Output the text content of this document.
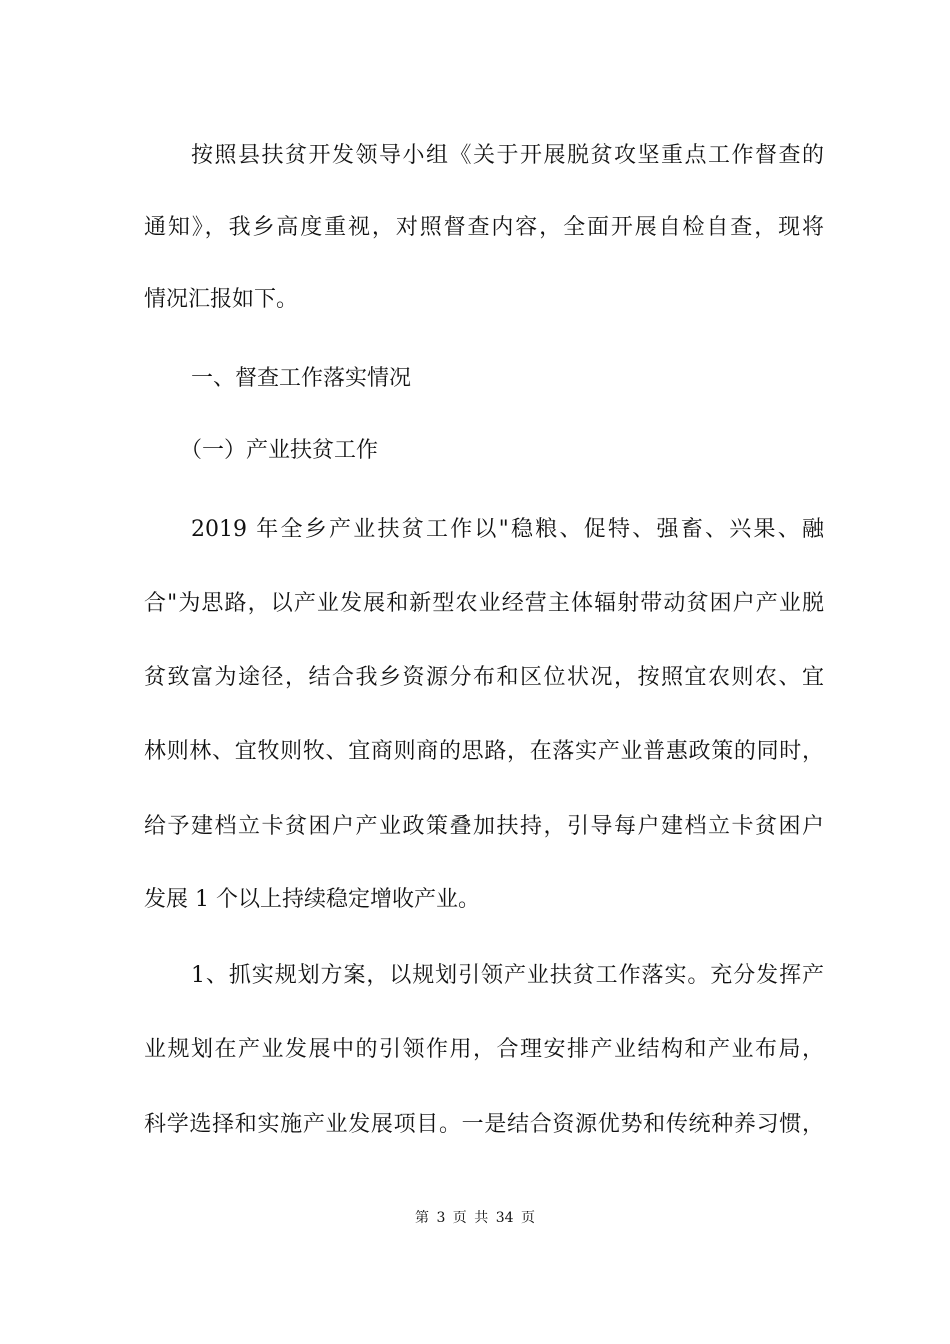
按照县扶贫开发领导小组《关于开展脱贫攻坚重点工作督查的
通知》，我乡高度重视，对照督查内容，全面开展自检自查，现将
情况汇报如下。
一、督查工作落实情况
（一）产业扶贫工作
2019 年全乡产业扶贫工作以"稳粮、促特、强畜、兴果、融
合"为思路，以产业发展和新型农业经营主体辐射带动贫困户产业脱
贫致富为途径，结合我乡资源分布和区位状况，按照宜农则农、宜
林则林、宜牧则牧、宜商则商的思路，在落实产业普惠政策的同时，
给予建档立卡贫困户产业政策叠加扶持，引导每户建档立卡贫困户
发展 1 个以上持续稳定增收产业。
1、抓实规划方案，以规划引领产业扶贫工作落实。充分发挥产
业规划在产业发展中的引领作用，合理安排产业结构和产业布局，
科学选择和实施产业发展项目。一是结合资源优势和传统种养习惯，
第 3 页 共 34 页
